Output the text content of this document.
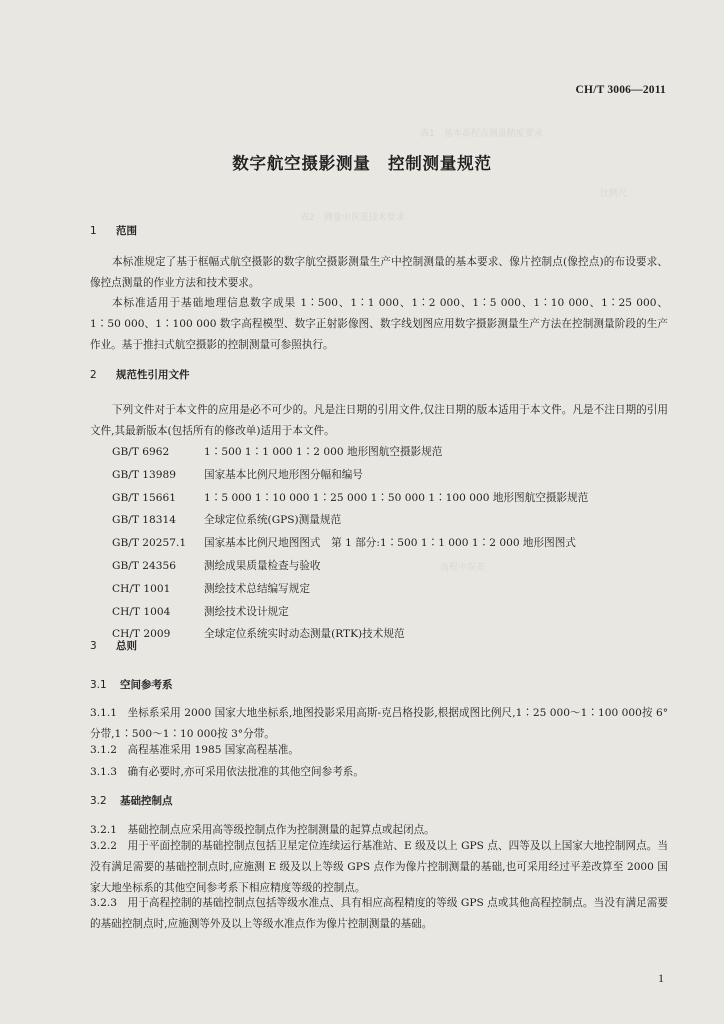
表1　基本高程点测量精度要求
比例尺
表2　测量中误差技术要求
高程中误差
CH/T 3006—2011
数字航空摄影测量　控制测量规范
1 范围
本标准规定了基于框幅式航空摄影的数字航空摄影测量生产中控制测量的基本要求、像片控制点(像控点)的布设要求、像控点测量的作业方法和技术要求。
本标准适用于基础地理信息数字成果 1∶500、1∶1 000、1∶2 000、1∶5 000、1∶10 000、1∶25 000、1∶50 000、1∶100 000 数字高程模型、数字正射影像图、数字线划图应用数字摄影测量生产方法在控制测量阶段的生产作业。基于推扫式航空摄影的控制测量可参照执行。
2 规范性引用文件
下列文件对于本文件的应用是必不可少的。凡是注日期的引用文件,仅注日期的版本适用于本文件。凡是不注日期的引用文件,其最新版本(包括所有的修改单)适用于本文件。
GB/T 6962	1∶500 1∶1 000 1∶2 000 地形图航空摄影规范
GB/T 13989	国家基本比例尺地形图分幅和编号
GB/T 15661	1∶5 000 1∶10 000 1∶25 000 1∶50 000 1∶100 000 地形图航空摄影规范
GB/T 18314	全球定位系统(GPS)测量规范
GB/T 20257.1 国家基本比例尺地图图式　第 1 部分:1∶500 1∶1 000 1∶2 000 地形图图式
GB/T 24356	测绘成果质量检查与验收
CH/T 1001	测绘技术总结编写规定
CH/T 1004	测绘技术设计规定
CH/T 2009	全球定位系统实时动态测量(RTK)技术规范
3 总则
3.1 空间参考系
3.1.1　坐标系采用 2000 国家大地坐标系,地图投影采用高斯-克吕格投影,根据成图比例尺,1∶25 000～1∶100 000按 6°分带,1∶500～1∶10 000按 3°分带。
3.1.2　高程基准采用 1985 国家高程基准。
3.1.3　确有必要时,亦可采用依法批准的其他空间参考系。
3.2 基础控制点
3.2.1　基础控制点应采用高等级控制点作为控制测量的起算点或起闭点。
3.2.2　用于平面控制的基础控制点包括卫星定位连续运行基准站、E 级及以上 GPS 点、四等及以上国家大地控制网点。当没有满足需要的基础控制点时,应施测 E 级及以上等级 GPS 点作为像片控制测量的基础,也可采用经过平差改算至 2000 国家大地坐标系的其他空间参考系下相应精度等级的控制点。
3.2.3　用于高程控制的基础控制点包括等级水准点、具有相应高程精度的等级 GPS 点或其他高程控制点。当没有满足需要的基础控制点时,应施测等外及以上等级水准点作为像片控制测量的基础。
1
